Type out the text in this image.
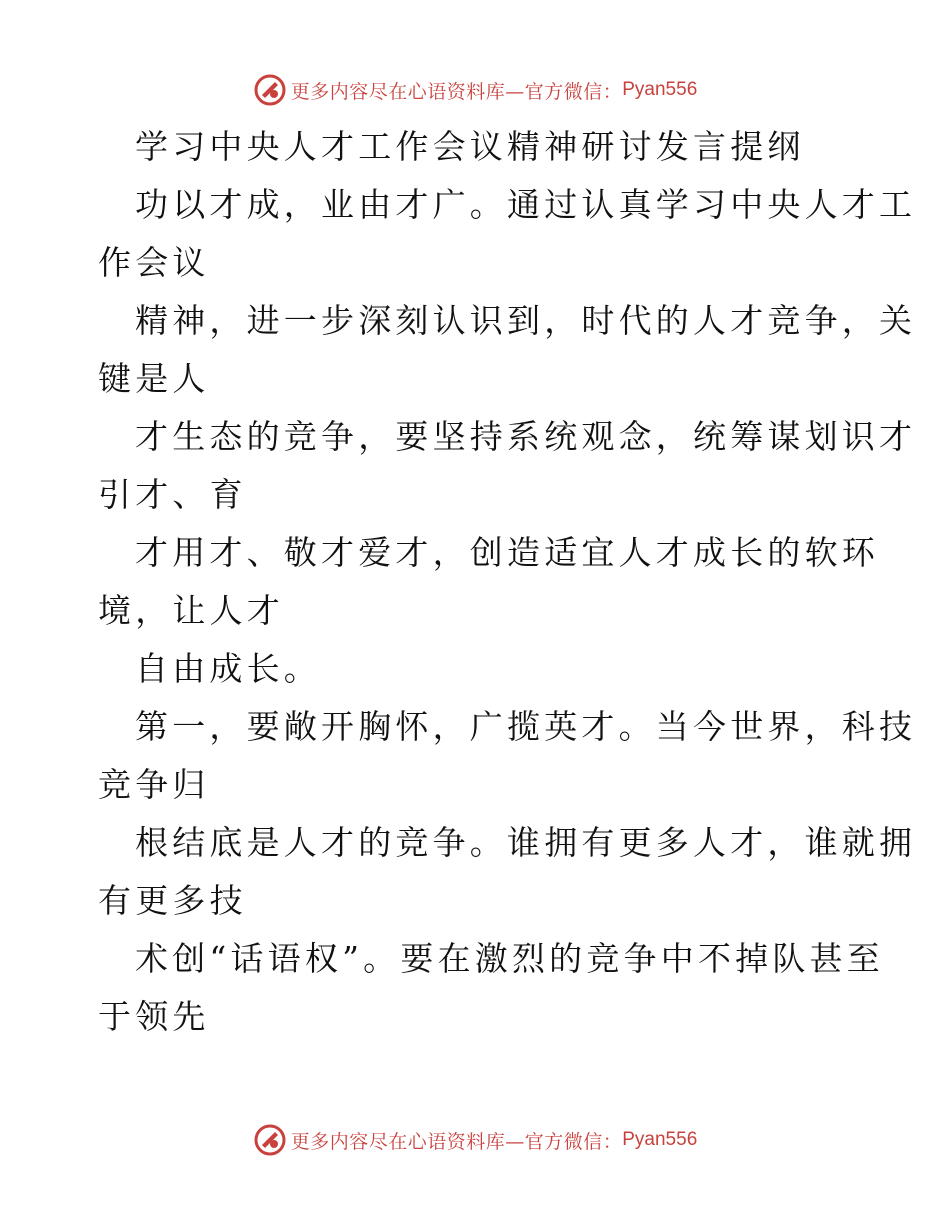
更多内容尽在心语资料库—官方微信： Pyan556
学习中央人才工作会议精神研讨发言提纲
功以才成，业由才广。通过认真学习中央人才工
作会议
精神，进一步深刻认识到，时代的人才竞争，关
键是人
才生态的竞争，要坚持系统观念，统筹谋划识才
引才、育
才用才、敬才爱才，创造适宜人才成长的软环
境，让人才
自由成长。
第一，要敞开胸怀，广揽英才。当今世界，科技
竞争归
根结底是人才的竞争。谁拥有更多人才，谁就拥
有更多技
术创“话语权”。要在激烈的竞争中不掉队甚至
于领先
更多内容尽在心语资料库—官方微信： Pyan556
